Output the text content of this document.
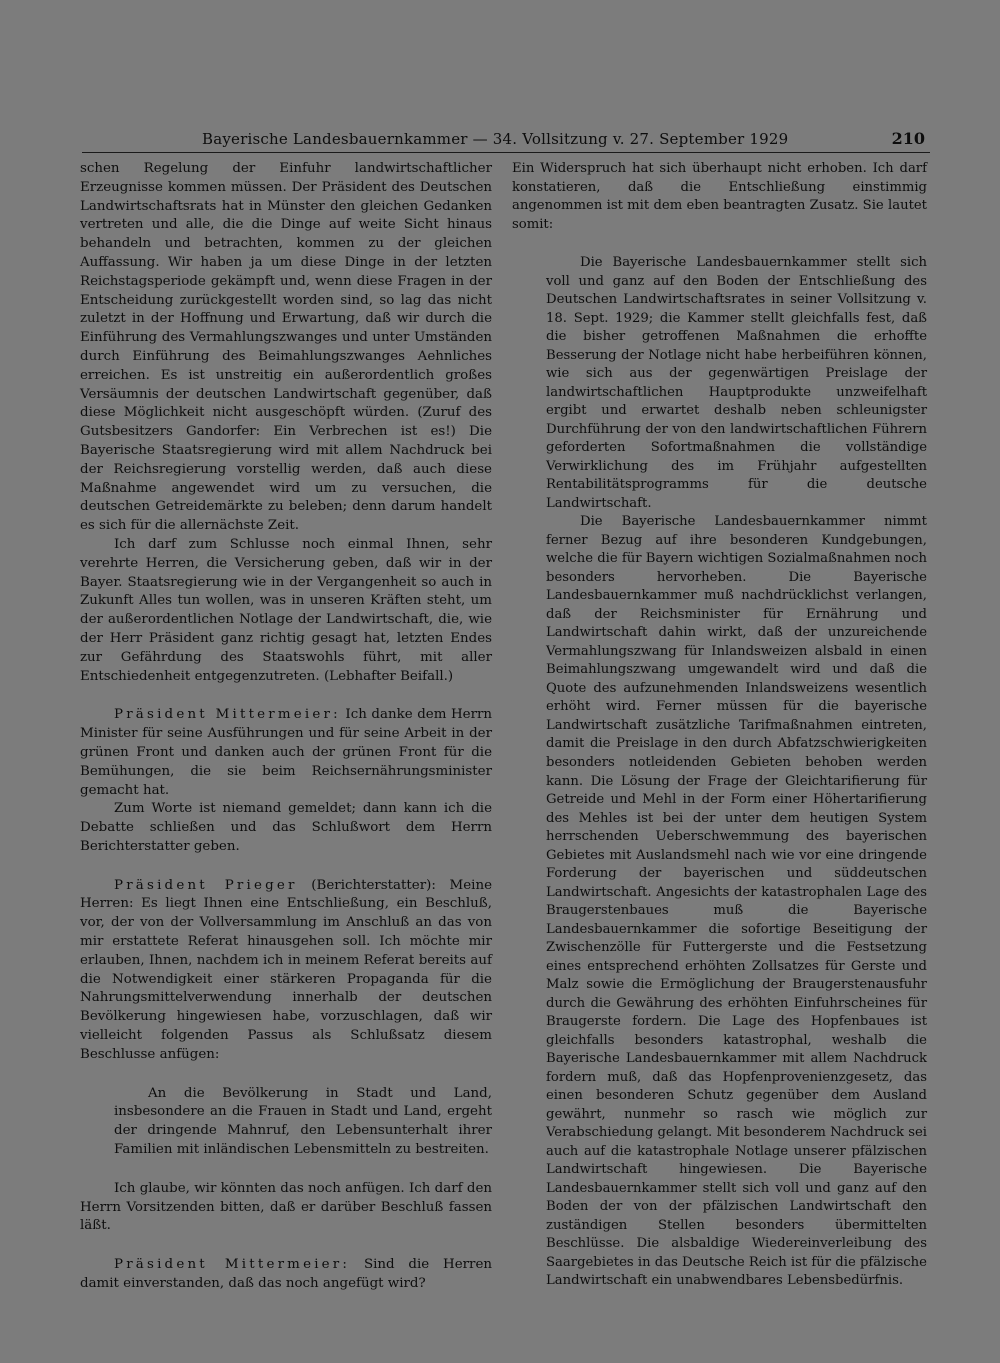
Bayerische Landesbauernkammer — 34. Vollsitzung v. 27. September 1929	210

schen Regelung der Einfuhr landwirtschaftlicher Erzeugnisse kommen müssen. Der Präsident des Deutschen Landwirtschaftsrats hat in Münster den gleichen Gedanken vertreten und alle, die die Dinge auf weite Sicht hinaus behandeln und betrachten, kommen zu der gleichen Auffassung. Wir haben ja um diese Dinge in der letzten Reichstagsperiode gekämpft und, wenn diese Fragen in der Entscheidung zurückgestellt worden sind, so lag das nicht zuletzt in der Hoffnung und Erwartung, daß wir durch die Einführung des Vermahlungszwanges und unter Umständen durch Einführung des Beimahlungszwanges Aehnliches erreichen. Es ist unstreitig ein außerordentlich großes Versäumnis der deutschen Landwirtschaft gegenüber, daß diese Möglichkeit nicht ausgeschöpft würden. (Zuruf des Gutsbesitzers Gandorfer: Ein Verbrechen ist es!) Die Bayerische Staatsregierung wird mit allem Nachdruck bei der Reichsregierung vorstellig werden, daß auch diese Maßnahme angewendet wird um zu versuchen, die deutschen Getreidemärkte zu beleben; denn darum handelt es sich für die allernächste Zeit.

Ich darf zum Schlusse noch einmal Ihnen, sehr verehrte Herren, die Versicherung geben, daß wir in der Bayer. Staatsregierung wie in der Vergangenheit so auch in Zukunft Alles tun wollen, was in unseren Kräften steht, um der außerordentlichen Notlage der Landwirtschaft, die, wie der Herr Präsident ganz richtig gesagt hat, letzten Endes zur Gefährdung des Staatswohls führt, mit aller Entschiedenheit entgegenzutreten. (Lebhafter Beifall.)

Präsident Mittermeier: Ich danke dem Herrn Minister für seine Ausführungen und für seine Arbeit in der grünen Front und danken auch der grünen Front für die Bemühungen, die sie beim Reichsernährungsminister gemacht hat.

Zum Worte ist niemand gemeldet; dann kann ich die Debatte schließen und das Schlußwort dem Herrn Berichterstatter geben.

Präsident Prieger (Berichterstatter): Meine Herren: Es liegt Ihnen eine Entschließung, ein Beschluß, vor, der von der Vollversammlung im Anschluß an das von mir erstattete Referat hinausgehen soll. Ich möchte mir erlauben, Ihnen, nachdem ich in meinem Referat bereits auf die Notwendigkeit einer stärkeren Propaganda für die Nahrungsmittelverwendung innerhalb der deutschen Bevölkerung hingewiesen habe, vorzuschlagen, daß wir vielleicht folgenden Passus als Schlußsatz diesem Beschlusse anfügen:

An die Bevölkerung in Stadt und Land, insbesondere an die Frauen in Stadt und Land, ergeht der dringende Mahnruf, den Lebensunterhalt ihrer Familien mit inländischen Lebensmitteln zu bestreiten.

Ich glaube, wir könnten das noch anfügen. Ich darf den Herrn Vorsitzenden bitten, daß er darüber Beschluß fassen läßt.

Präsident Mittermeier: Sind die Herren damit einverstanden, daß das noch angefügt wird?

Ein Widerspruch hat sich überhaupt nicht erhoben. Ich darf konstatieren, daß die Entschließung einstimmig angenommen ist mit dem eben beantragten Zusatz. Sie lautet somit:

Die Bayerische Landesbauernkammer stellt sich voll und ganz auf den Boden der Entschließung des Deutschen Landwirtschaftsrates in seiner Vollsitzung v. 18. Sept. 1929; die Kammer stellt gleichfalls fest, daß die bisher getroffenen Maßnahmen die erhoffte Besserung der Notlage nicht habe herbeiführen können, wie sich aus der gegenwärtigen Preislage der landwirtschaftlichen Hauptprodukte unzweifelhaft ergibt und erwartet deshalb neben schleunigster Durchführung der von den landwirtschaftlichen Führern geforderten Sofortmaßnahmen die vollständige Verwirklichung des im Frühjahr aufgestellten Rentabilitätsprogramms für die deutsche Landwirtschaft.

Die Bayerische Landesbauernkammer nimmt ferner Bezug auf ihre besonderen Kundgebungen, welche die für Bayern wichtigen Sozialmaßnahmen noch besonders hervorheben. Die Bayerische Landesbauernkammer muß nachdrücklichst verlangen, daß der Reichsminister für Ernährung und Landwirtschaft dahin wirkt, daß der unzureichende Vermahlungszwang für Inlandsweizen alsbald in einen Beimahlungszwang umgewandelt wird und daß die Quote des aufzunehmenden Inlandsweizens wesentlich erhöht wird. Ferner müssen für die bayerische Landwirtschaft zusätzliche Tarifmaßnahmen eintreten, damit die Preislage in den durch Abfatzschwierigkeiten besonders notleidenden Gebieten behoben werden kann. Die Lösung der Frage der Gleichtarifierung für Getreide und Mehl in der Form einer Höhertarifierung des Mehles ist bei der unter dem heutigen System herrschenden Ueberschwemmung des bayerischen Gebietes mit Auslandsmehl nach wie vor eine dringende Forderung der bayerischen und süddeutschen Landwirtschaft. Angesichts der katastrophalen Lage des Braugerstenbaues muß die Bayerische Landesbauernkammer die sofortige Beseitigung der Zwischenzölle für Futtergerste und die Festsetzung eines entsprechend erhöhten Zollsatzes für Gerste und Malz sowie die Ermöglichung der Braugerstenausfuhr durch die Gewährung des erhöhten Einfuhrscheines für Braugerste fordern. Die Lage des Hopfenbaues ist gleichfalls besonders katastrophal, weshalb die Bayerische Landesbauernkammer mit allem Nachdruck fordern muß, daß das Hopfenprovenienzgesetz, das einen besonderen Schutz gegenüber dem Ausland gewährt, nunmehr so rasch wie möglich zur Verabschiedung gelangt. Mit besonderem Nachdruck sei auch auf die katastrophale Notlage unserer pfälzischen Landwirtschaft hingewiesen. Die Bayerische Landesbauernkammer stellt sich voll und ganz auf den Boden der von der pfälzischen Landwirtschaft den zuständigen Stellen besonders übermittelten Beschlüsse. Die alsbaldige Wiedereinverleibung des Saargebietes in das Deutsche Reich ist für die pfälzische Landwirtschaft ein unabwendbares Lebensbedürfnis.
